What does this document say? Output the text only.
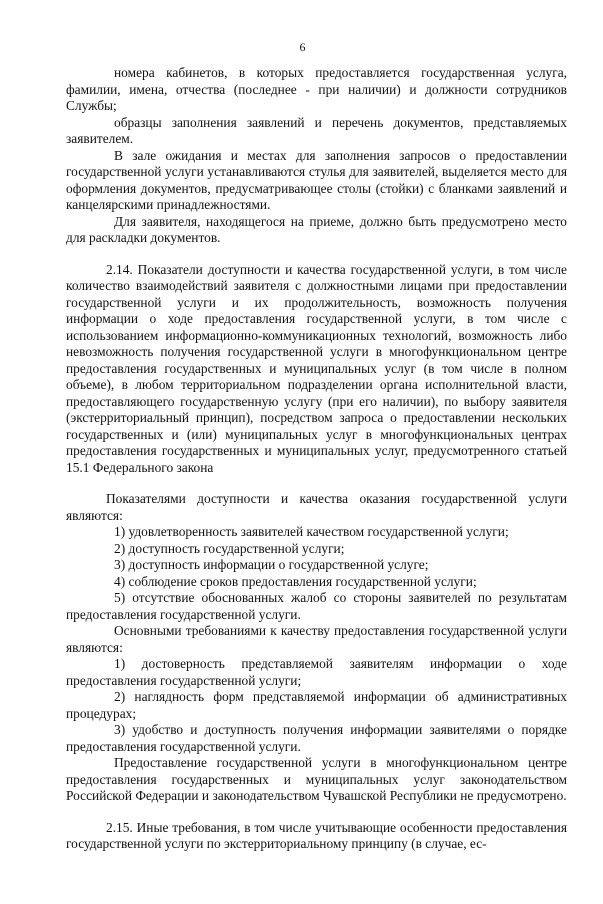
6

номера кабинетов, в которых предоставляется государственная услуга, фамилии, имена, отчества (последнее - при наличии) и должности сотрудников Службы;

образцы заполнения заявлений и перечень документов, представляемых заявителем.

В зале ожидания и местах для заполнения запросов о предоставлении государственной услуги устанавливаются стулья для заявителей, выделяется место для оформления документов, предусматривающее столы (стойки) с бланками заявлений и канцелярскими принадлежностями.

Для заявителя, находящегося на приеме, должно быть предусмотрено место для раскладки документов.

2.14. Показатели доступности и качества государственной услуги, в том числе количество взаимодействий заявителя с должностными лицами при предоставлении государственной услуги и их продолжительность, возможность получения информации о ходе предоставления государственной услуги, в том числе с использованием информационно-коммуникационных технологий, возможность либо невозможность получения государственной услуги в многофункциональном центре предоставления государственных и муниципальных услуг (в том числе в полном объеме), в любом территориальном подразделении органа исполнительной власти, предоставляющего государственную услугу (при его наличии), по выбору заявителя (экстерриториальный принцип), посредством запроса о предоставлении нескольких государственных и (или) муниципальных услуг в многофункциональных центрах предоставления государственных и муниципальных услуг, предусмотренного статьей 15.1 Федерального закона

Показателями доступности и качества оказания государственной услуги являются:

1) удовлетворенность заявителей качеством государственной услуги;

2) доступность государственной услуги;

3) доступность информации о государственной услуге;

4) соблюдение сроков предоставления государственной услуги;

5) отсутствие обоснованных жалоб со стороны заявителей по результатам предоставления государственной услуги.

Основными требованиями к качеству предоставления государственной услуги являются:

1) достоверность представляемой заявителям информации о ходе предоставления государственной услуги;

2) наглядность форм представляемой информации об административных процедурах;

3) удобство и доступность получения информации заявителями о порядке предоставления государственной услуги.

Предоставление государственной услуги в многофункциональном центре предоставления государственных и муниципальных услуг законодательством Российской Федерации и законодательством Чувашской Республики не предусмотрено.

2.15. Иные требования, в том числе учитывающие особенности предоставления государственной услуги по экстерриториальному принципу (в случае, ес-
